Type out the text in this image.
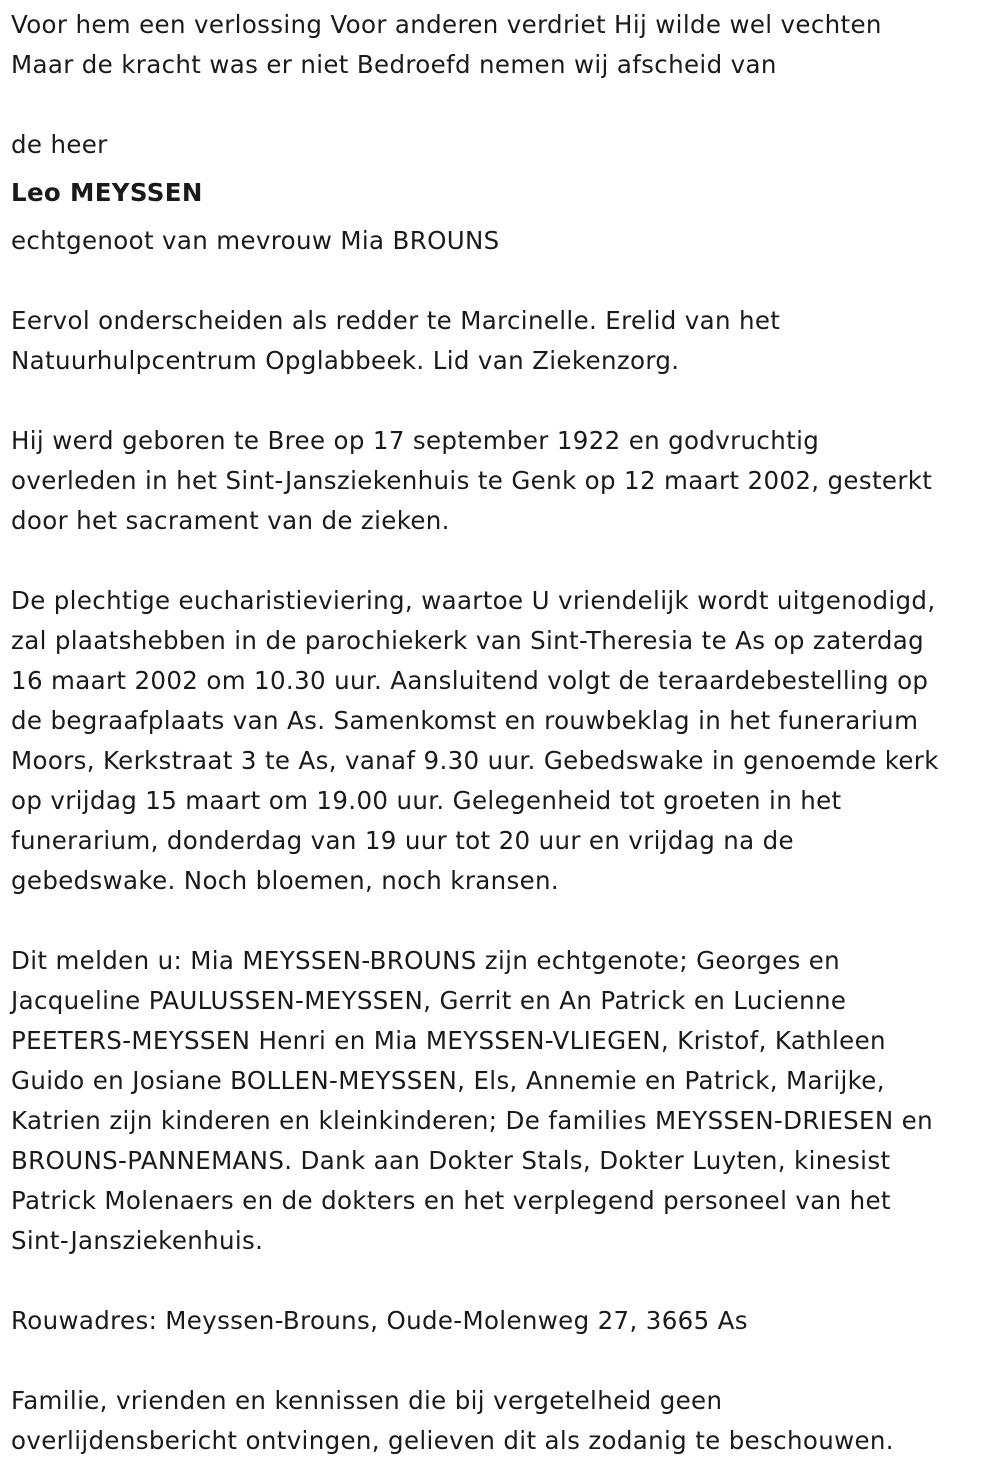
Voor hem een verlossing Voor anderen verdriet Hij wilde wel vechten
Maar de kracht was er niet Bedroefd nemen wij afscheid van

de heer

Leo MEYSSEN

echtgenoot van mevrouw Mia BROUNS

Eervol onderscheiden als redder te Marcinelle. Erelid van het
Natuurhulpcentrum Opglabbeek. Lid van Ziekenzorg.

Hij werd geboren te Bree op 17 september 1922 en godvruchtig
overleden in het Sint-Jansziekenhuis te Genk op 12 maart 2002, gesterkt
door het sacrament van de zieken.

De plechtige eucharistieviering, waartoe U vriendelijk wordt uitgenodigd,
zal plaatshebben in de parochiekerk van Sint-Theresia te As op zaterdag
16 maart 2002 om 10.30 uur. Aansluitend volgt de teraardebestelling op
de begraafplaats van As. Samenkomst en rouwbeklag in het funerarium
Moors, Kerkstraat 3 te As, vanaf 9.30 uur. Gebedswake in genoemde kerk
op vrijdag 15 maart om 19.00 uur. Gelegenheid tot groeten in het
funerarium, donderdag van 19 uur tot 20 uur en vrijdag na de
gebedswake. Noch bloemen, noch kransen.

Dit melden u: Mia MEYSSEN-BROUNS zijn echtgenote; Georges en
Jacqueline PAULUSSEN-MEYSSEN, Gerrit en An Patrick en Lucienne
PEETERS-MEYSSEN Henri en Mia MEYSSEN-VLIEGEN, Kristof, Kathleen
Guido en Josiane BOLLEN-MEYSSEN, Els, Annemie en Patrick, Marijke,
Katrien zijn kinderen en kleinkinderen; De families MEYSSEN-DRIESEN en
BROUNS-PANNEMANS. Dank aan Dokter Stals, Dokter Luyten, kinesist
Patrick Molenaers en de dokters en het verplegend personeel van het
Sint-Jansziekenhuis.

Rouwadres: Meyssen-Brouns, Oude-Molenweg 27, 3665 As

Familie, vrienden en kennissen die bij vergetelheid geen
overlijdensbericht ontvingen, gelieven dit als zodanig te beschouwen.
